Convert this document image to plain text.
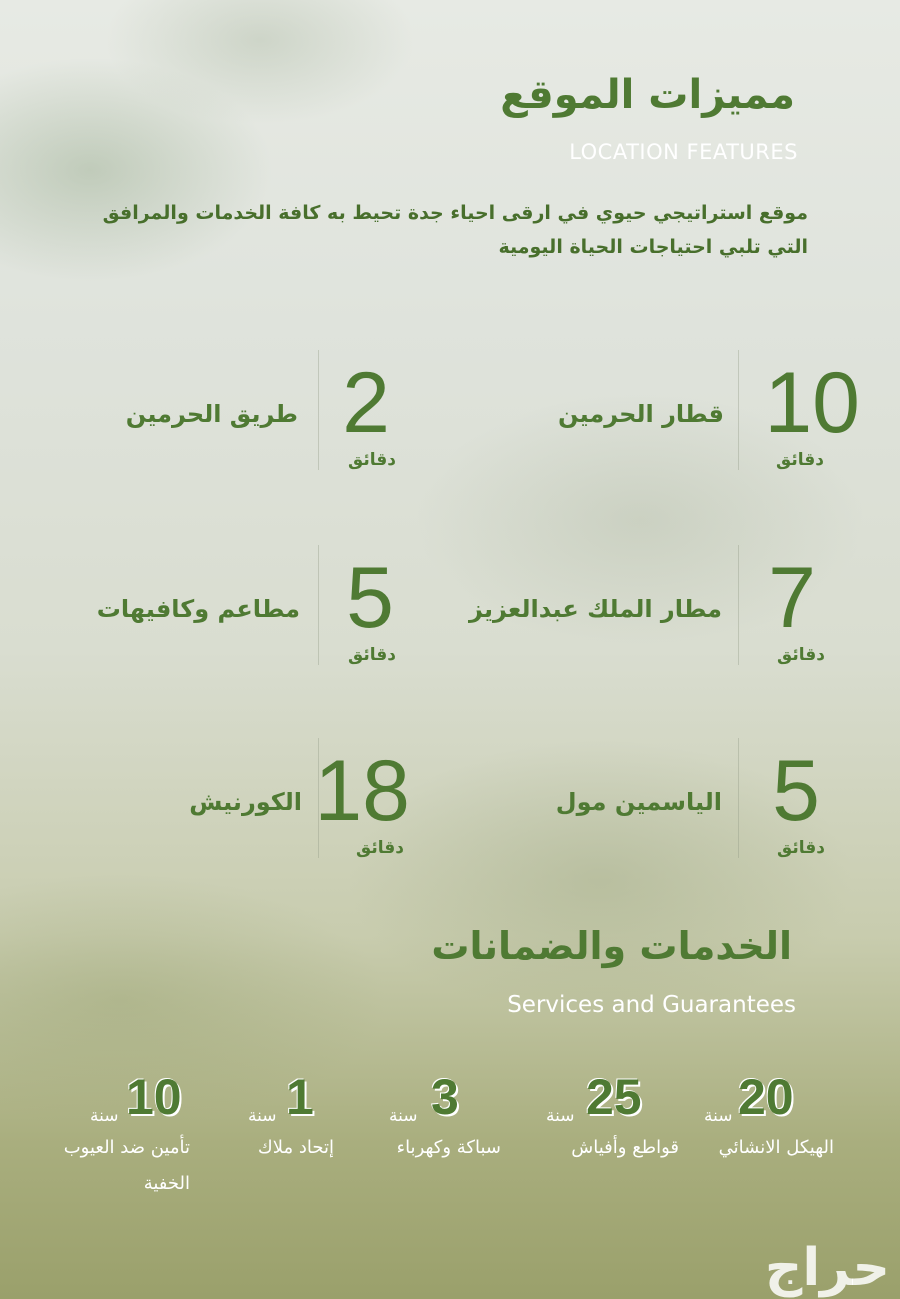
مميزات الموقع
LOCATION FEATURES
موقع استراتيجي حيوي في ارقى احياء جدة تحيط به كافة الخدمات والمرافق التي تلبي احتياجات الحياة اليومية
10
دقائق
قطار الحرمين
2
دقائق
طريق الحرمين
7
دقائق
مطار الملك عبدالعزيز
5
دقائق
مطاعم وكافيهات
5
دقائق
الياسمين مول
18
دقائق
الكورنيش
الخدمات والضمانات
Services and Guarantees
20
سنة
الهيكل الانشائي
25
سنة
قواطع وأفياش
3
سنة
سباكة وكهرباء
1
سنة
إتحاد ملاك
10
سنة
تأمين ضد العيوب الخفية
حراج
